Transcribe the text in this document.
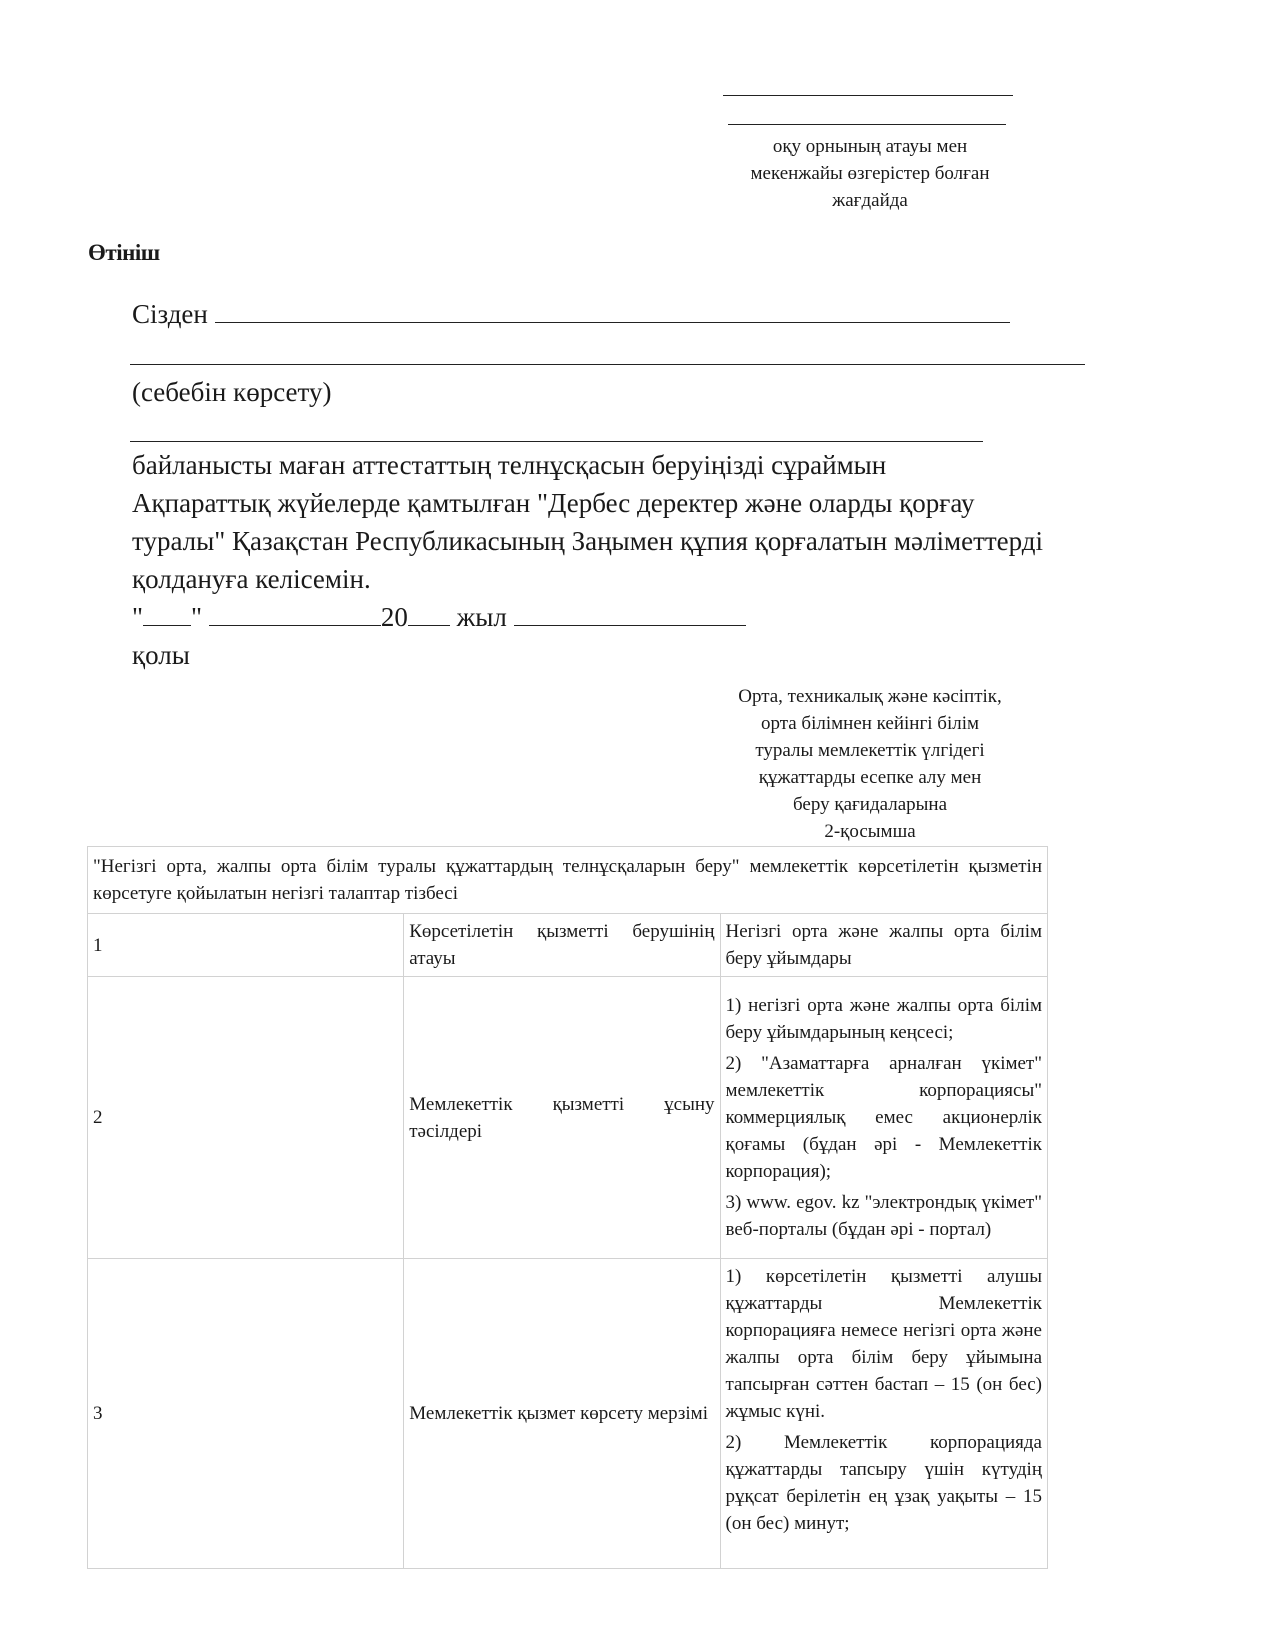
оқу орнының атауы мен
мекенжайы өзгерістер болған
жағдайда
Өтініш
Сізден
(себебін көрсету)
байланысты маған аттестаттың телнұсқасын беруіңізді сұраймын
Ақпараттық жүйелерде қамтылған "Дербес деректер және оларды қорғау
туралы" Қазақстан Республикасының Заңымен құпия қорғалатын мәліметтерді
қолдануға келісемін.
" "	20 жыл
қолы
Орта, техникалық және кәсіптік,
орта білімнен кейінгі білім
туралы мемлекеттік үлгідегі
құжаттарды есепке алу мен
беру қағидаларына
2-қосымша
"Негізгі орта, жалпы орта білім туралы құжаттардың телнұсқаларын беру" мемлекеттік көрсетілетін қызметін көрсетуге қойылатын негізгі талаптар тізбесі		
1	Көрсетілетін қызметті берушінің атауы	Негізгі орта және жалпы орта білім беру ұйымдары

2	Мемлекеттік қызметті ұсыну тәсілдері	1) негізгі орта және жалпы орта білім беру ұйымдарының кеңсесі;

2) "Азаматтарға арналған үкімет" мемлекеттік корпорациясы" коммерциялық емес акционерлік қоғамы (бұдан әрі - Мемлекеттік корпорация);

3) www. egov. kz "электрондық үкімет" веб-порталы (бұдан әрі - портал)

3	Мемлекеттік қызмет көрсету мерзімі	1) көрсетілетін қызметті алушы құжаттарды Мемлекеттік корпорацияға немесе негізгі орта және жалпы орта білім беру ұйымына тапсырған сәттен бастап – 15 (он бес) жұмыс күні.

2) Мемлекеттік корпорацияда құжаттарды тапсыру үшін күтудің рұқсат берілетін ең ұзақ уақыты – 15 (он бес) минут;
